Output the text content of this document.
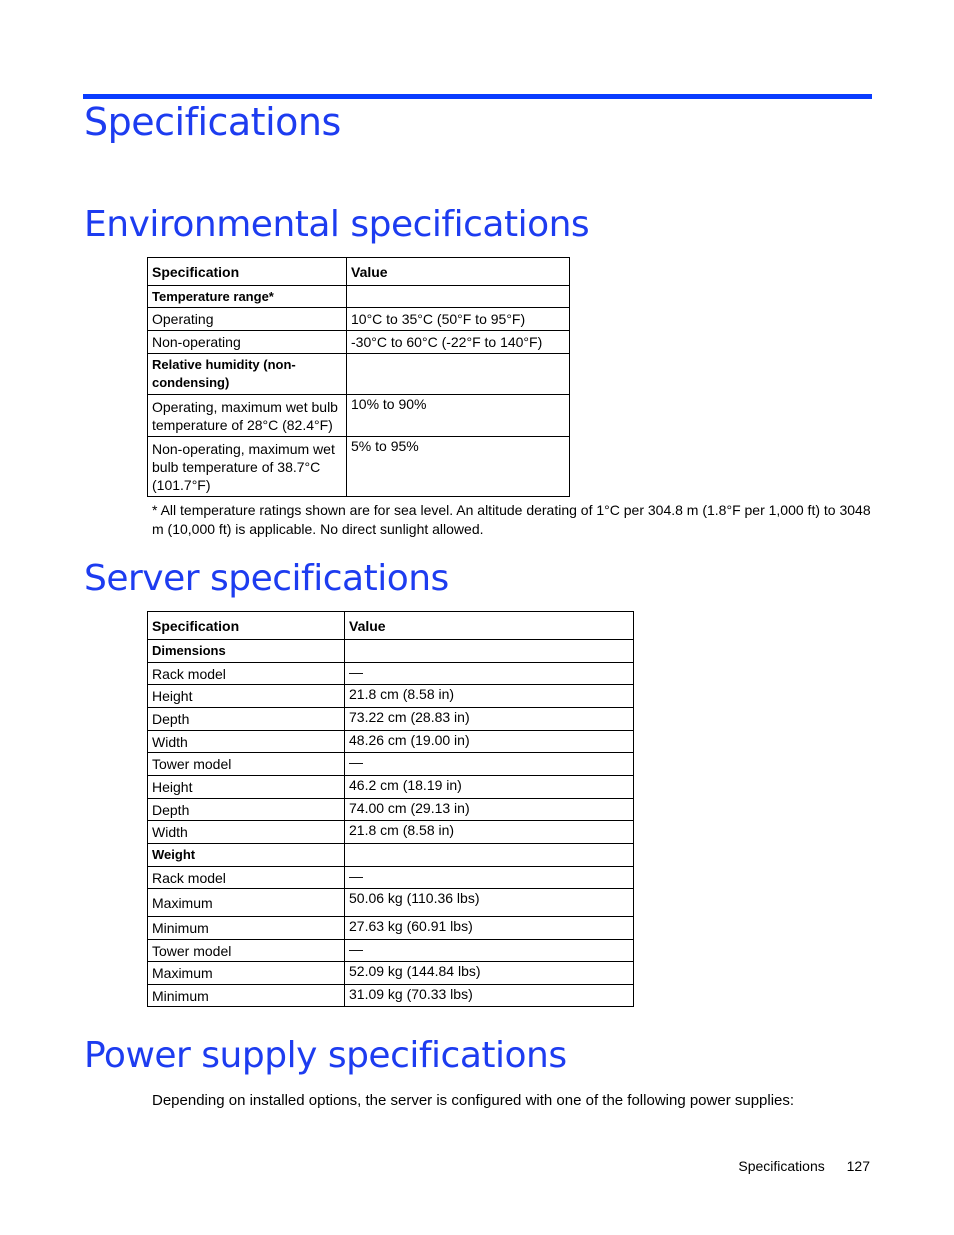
Specifications
Environmental specifications
Specification	Value
Temperature range*	
Operating	10°C to 35°C (50°F to 95°F)
Non-operating	-30°C to 60°C (-22°F to 140°F)
Relative humidity (non-condensing)	
Operating, maximum wet bulb temperature of 28°C (82.4°F)	10% to 90%
Non-operating, maximum wet bulb temperature of 38.7°C (101.7°F)	5% to 95%

* All temperature ratings shown are for sea level. An altitude derating of 1°C per 304.8 m (1.8°F per 1,000 ft) to 3048 m (10,000 ft) is applicable. No direct sunlight allowed.

Server specifications
Specification	Value
Dimensions	
Rack model	—
Height	21.8 cm (8.58 in)
Depth	73.22 cm (28.83 in)
Width	48.26 cm (19.00 in)
Tower model	—
Height	46.2 cm (18.19 in)
Depth	74.00 cm (29.13 in)
Width	21.8 cm (8.58 in)
Weight	
Rack model	—
Maximum	50.06 kg (110.36 lbs)
Minimum	27.63 kg (60.91 lbs)
Tower model	—
Maximum	52.09 kg (144.84 lbs)
Minimum	31.09 kg (70.33 lbs)
Power supply specifications

Depending on installed options, the server is configured with one of the following power supplies:

Specifications 127
